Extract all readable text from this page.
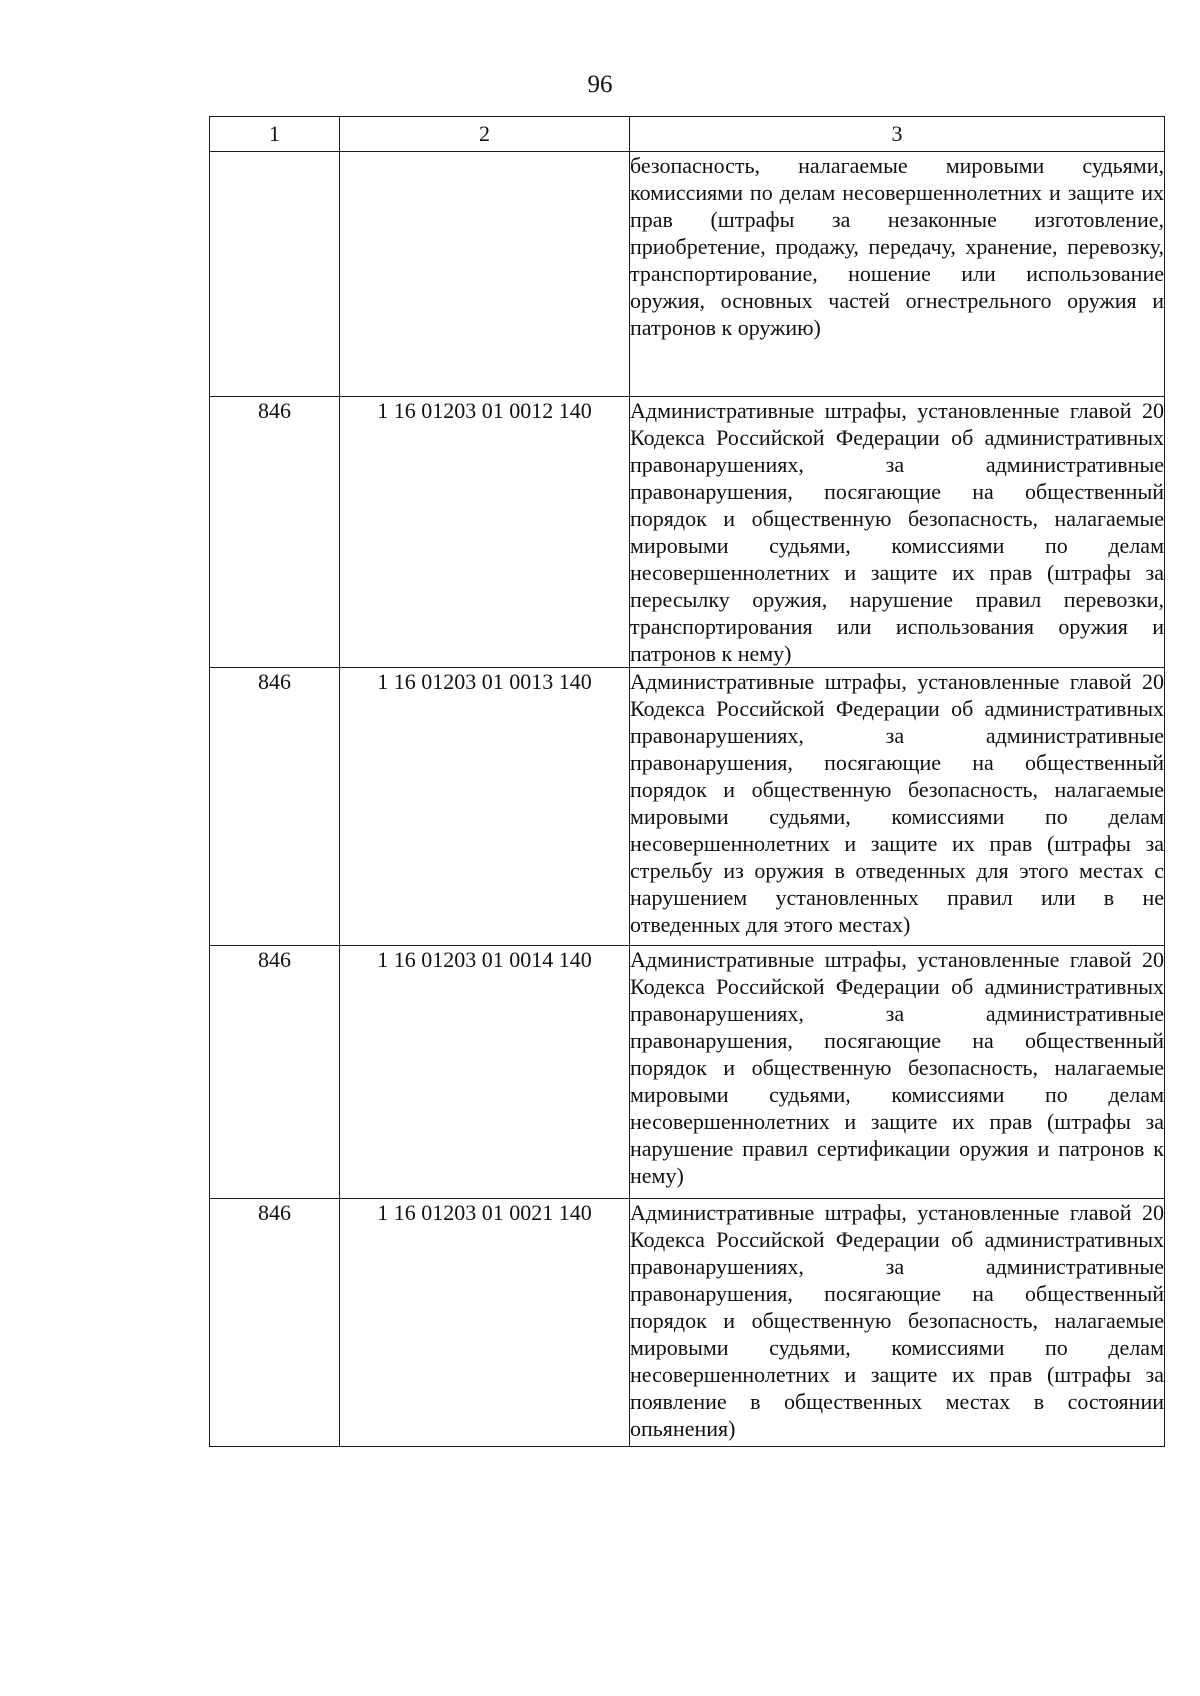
96
1	2	3
		безопасность, налагаемые мировыми судьями, комиссиями по делам несовершеннолетних и защите их прав (штрафы за незаконные изготовление, приобретение, продажу, передачу, хранение, перевозку, транспортирование, ношение или использование оружия, основных частей огнестрельного оружия и патронов к оружию)
846	1 16 01203 01 0012 140	Административные штрафы, установленные главой 20 Кодекса Российской Федерации об административных правонарушениях, за административные правонарушения, посягающие на общественный порядок и общественную безопасность, налагаемые мировыми судьями, комиссиями по делам несовершеннолетних и защите их прав (штрафы за пересылку оружия, нарушение правил перевозки, транспортирования или использования оружия и патронов к нему)
846	1 16 01203 01 0013 140	Административные штрафы, установленные главой 20 Кодекса Российской Федерации об административных правонарушениях, за административные правонарушения, посягающие на общественный порядок и общественную безопасность, налагаемые мировыми судьями, комиссиями по делам несовершеннолетних и защите их прав (штрафы за стрельбу из оружия в отведенных для этого местах с нарушением установленных правил или в не отведенных для этого местах)
846	1 16 01203 01 0014 140	Административные штрафы, установленные главой 20 Кодекса Российской Федерации об административных правонарушениях, за административные правонарушения, посягающие на общественный порядок и общественную безопасность, налагаемые мировыми судьями, комиссиями по делам несовершеннолетних и защите их прав (штрафы за нарушение правил сертификации оружия и патронов к нему)
846	1 16 01203 01 0021 140	Административные штрафы, установленные главой 20 Кодекса Российской Федерации об административных правонарушениях, за административные правонарушения, посягающие на общественный порядок и общественную безопасность, налагаемые мировыми судьями, комиссиями по делам несовершеннолетних и защите их прав (штрафы за появление в общественных местах в состоянии опьянения)
